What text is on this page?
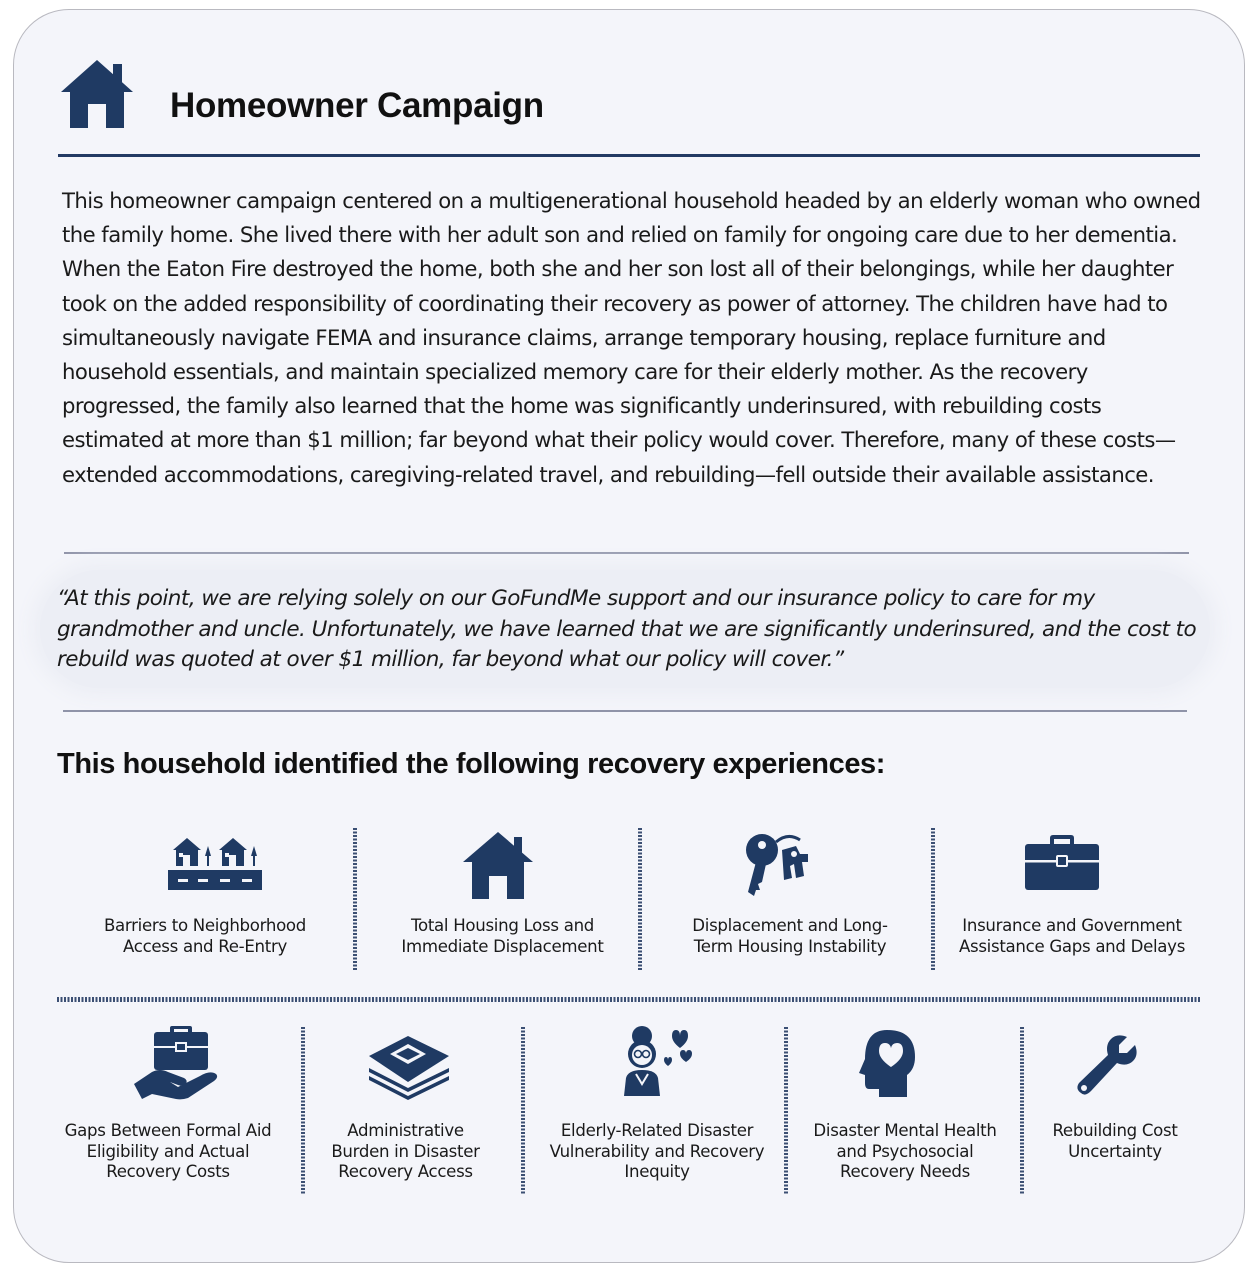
Homeowner Campaign
This homeowner campaign centered on a multigenerational household headed by an elderly woman who owned the family home. She lived there with her adult son and relied on family for ongoing care due to her dementia. When the Eaton Fire destroyed the home, both she and her son lost all of their belongings, while her daughter took on the added responsibility of coordinating their recovery as power of attorney. The children have had to simultaneously navigate FEMA and insurance claims, arrange temporary housing, replace furniture and household essentials, and maintain specialized memory care for their elderly mother. As the recovery progressed, the family also learned that the home was significantly underinsured, with rebuilding costs estimated at more than $1 million; far beyond what their policy would cover. Therefore, many of these costs—extended accommodations, caregiving-related travel, and rebuilding—fell outside their available assistance.
“At this point, we are relying solely on our GoFundMe support and our insurance policy to care for my grandmother and uncle. Unfortunately, we have learned that we are significantly underinsured, and the cost to rebuild was quoted at over $1 million, far beyond what our policy will cover.”
This household identified the following recovery experiences:
Barriers to Neighborhood Access and Re-Entry
Total Housing Loss and Immediate Displacement
Displacement and Long-Term Housing Instability
Insurance and Government Assistance Gaps and Delays
Gaps Between Formal Aid Eligibility and Actual Recovery Costs
Administrative Burden in Disaster Recovery Access
Elderly-Related Disaster Vulnerability and Recovery Inequity
Disaster Mental Health and Psychosocial Recovery Needs
Rebuilding Cost Uncertainty
